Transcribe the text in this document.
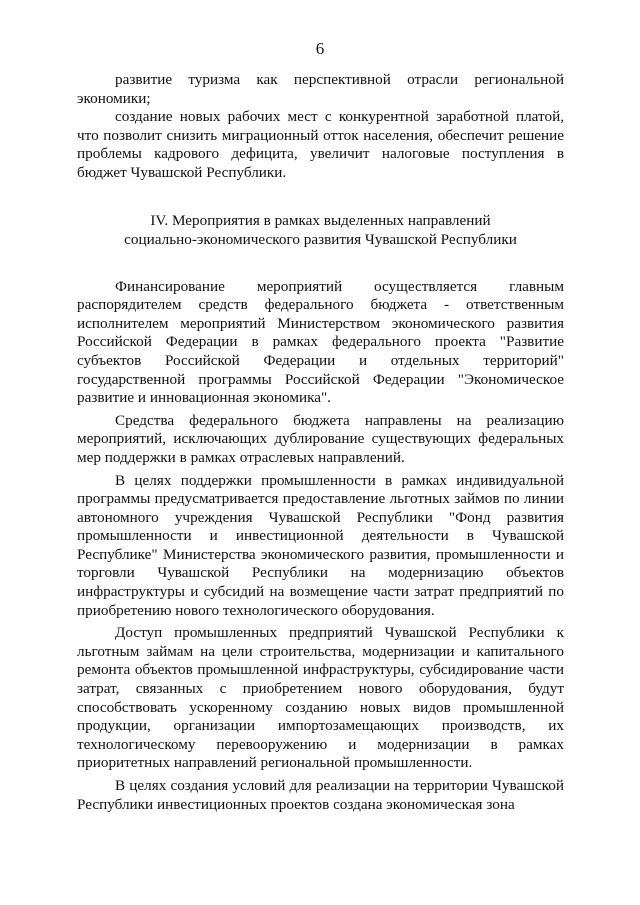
6

развитие туризма как перспективной отрасли региональной экономики;

создание новых рабочих мест с конкурентной заработной платой, что позволит снизить миграционный отток населения, обеспечит решение проблемы кадрового дефицита, увеличит налоговые поступления в бюджет Чувашской Республики.

IV. Мероприятия в рамках выделенных направлений
социально-экономического развития Чувашской Республики

Финансирование мероприятий осуществляется главным распорядителем средств федерального бюджета - ответственным исполнителем мероприятий Министерством экономического развития Российской Федерации в рамках федерального проекта "Развитие субъектов Российской Федерации и отдельных территорий" государственной программы Российской Федерации "Экономическое развитие и инновационная экономика".

Средства федерального бюджета направлены на реализацию мероприятий, исключающих дублирование существующих федеральных мер поддержки в рамках отраслевых направлений.

В целях поддержки промышленности в рамках индивидуальной программы предусматривается предоставление льготных займов по линии автономного учреждения Чувашской Республики "Фонд развития промышленности и инвестиционной деятельности в Чувашской Республике" Министерства экономического развития, промышленности и торговли Чувашской Республики на модернизацию объектов инфраструктуры и субсидий на возмещение части затрат предприятий по приобретению нового технологического оборудования.

Доступ промышленных предприятий Чувашской Республики к льготным займам на цели строительства, модернизации и капитального ремонта объектов промышленной инфраструктуры, субсидирование части затрат, связанных с приобретением нового оборудования, будут способствовать ускоренному созданию новых видов промышленной продукции, организации импортозамещающих производств, их технологическому перевооружению и модернизации в рамках приоритетных направлений региональной промышленности.

В целях создания условий для реализации на территории Чувашской Республики инвестиционных проектов создана экономическая зона
